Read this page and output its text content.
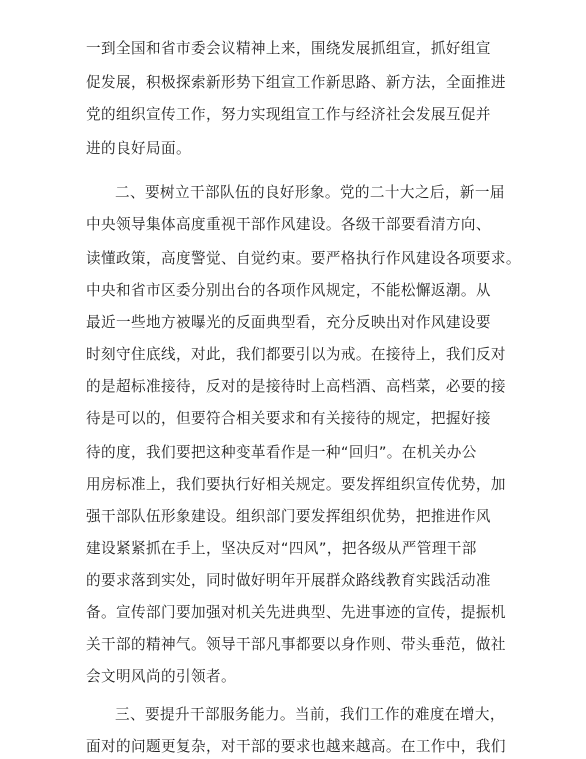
一到全国和省市委会议精神上来，围绕发展抓组宣，抓好组宣
促发展，积极探索新形势下组宣工作新思路、新方法，全面推进
党的组织宣传工作，努力实现组宣工作与经济社会发展互促并
进的良好局面。
二、要树立干部队伍的良好形象。党的二十大之后，新一届
中央领导集体高度重视干部作风建设。各级干部要看清方向、
读懂政策，高度警觉、自觉约束。要严格执行作风建设各项要求。
中央和省市区委分别出台的各项作风规定，不能松懈返潮。从
最近一些地方被曝光的反面典型看，充分反映出对作风建设要
时刻守住底线，对此，我们都要引以为戒。在接待上，我们反对
的是超标准接待，反对的是接待时上高档酒、高档菜，必要的接
待是可以的，但要符合相关要求和有关接待的规定，把握好接
待的度，我们要把这种变革看作是一种“回归”。在机关办公
用房标准上，我们要执行好相关规定。要发挥组织宣传优势，加
强干部队伍形象建设。组织部门要发挥组织优势，把推进作风
建设紧紧抓在手上，坚决反对“四风”，把各级从严管理干部
的要求落到实处，同时做好明年开展群众路线教育实践活动准
备。宣传部门要加强对机关先进典型、先进事迹的宣传，提振机
关干部的精神气。领导干部凡事都要以身作则、带头垂范，做社
会文明风尚的引领者。
三、要提升干部服务能力。当前，我们工作的难度在增大，
面对的问题更复杂，对干部的要求也越来越高。在工作中，我们
